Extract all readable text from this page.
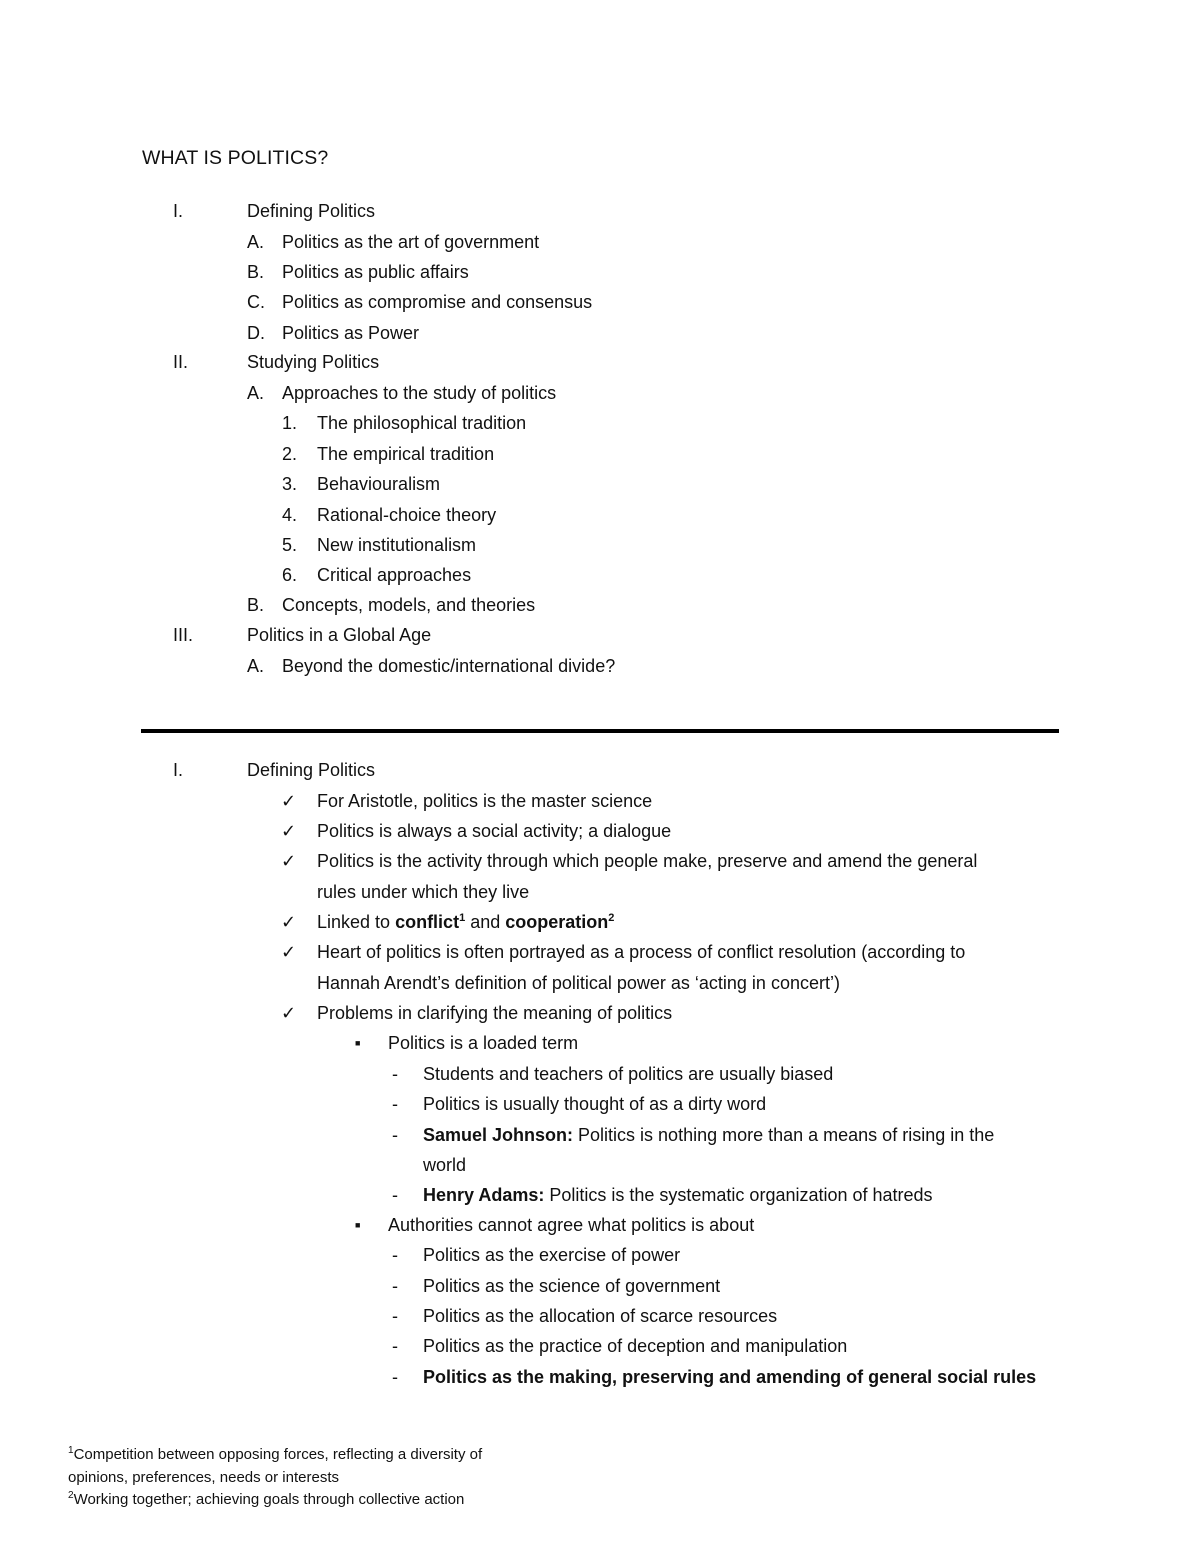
WHAT IS POLITICS?
I.	Defining Politics
A. Politics as the art of government
B. Politics as public affairs
C. Politics as compromise and consensus
D. Politics as Power
II.	Studying Politics
A. Approaches to the study of politics
1. The philosophical tradition
2. The empirical tradition
3. Behaviouralism
4. Rational-choice theory
5. New institutionalism
6. Critical approaches
B. Concepts, models, and theories
III.	Politics in a Global Age
A. Beyond the domestic/international divide?
I.	Defining Politics
✓ For Aristotle, politics is the master science
✓ Politics is always a social activity; a dialogue
✓ Politics is the activity through which people make, preserve and amend the general
rules under which they live
✓ Linked to conflict$^1$ and cooperation$^2$
✓ Heart of politics is often portrayed as a process of conflict resolution (according to
Hannah Arendt’s definition of political power as ‘acting in concert’)
✓ Problems in clarifying the meaning of politics
■ Politics is a loaded term
- Students and teachers of politics are usually biased
- Politics is usually thought of as a dirty word
- Samuel Johnson: Politics is nothing more than a means of rising in the
world
- Henry Adams: Politics is the systematic organization of hatreds
■ Authorities cannot agree what politics is about
- Politics as the exercise of power
- Politics as the science of government
- Politics as the allocation of scarce resources
- Politics as the practice of deception and manipulation
- Politics as the making, preserving and amending of general social rules
$^1$Competition between opposing forces, reflecting a diversity of
opinions, preferences, needs or interests
$^2$Working together; achieving goals through collective action
